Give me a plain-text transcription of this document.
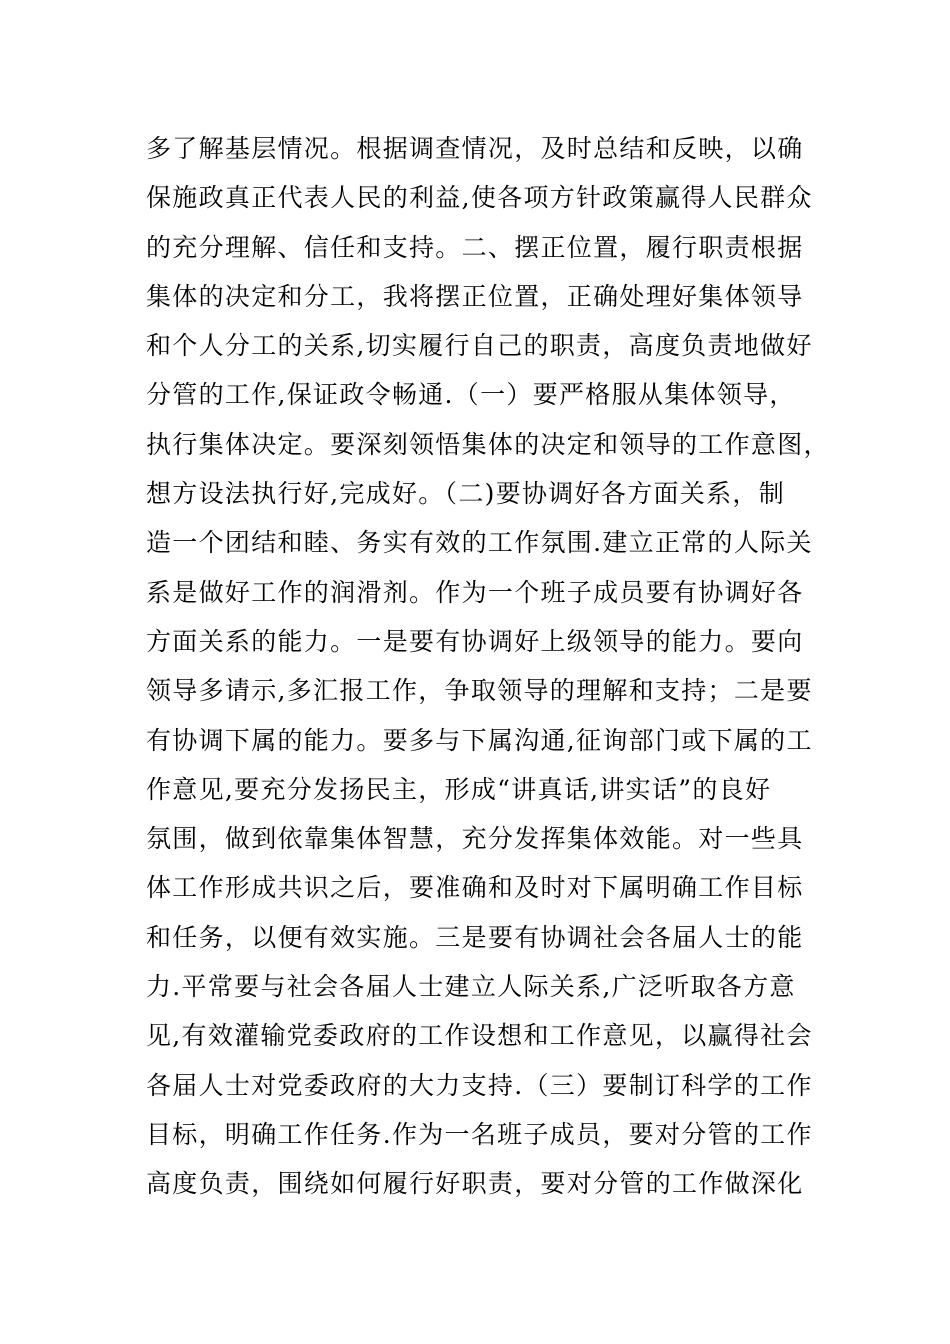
多了解基层情况。根据调查情况，及时总结和反映，以确
保施政真正代表人民的利益,使各项方针政策赢得人民群众
的充分理解、信任和支持。二、摆正位置，履行职责根据
集体的决定和分工，我将摆正位置，正确处理好集体领导
和个人分工的关系,切实履行自己的职责，高度负责地做好
分管的工作,保证政令畅通.（一）要严格服从集体领导，
执行集体决定。要深刻领悟集体的决定和领导的工作意图，
想方设法执行好,完成好。（二)要协调好各方面关系，制
造一个团结和睦、务实有效的工作氛围.建立正常的人际关
系是做好工作的润滑剂。作为一个班子成员要有协调好各
方面关系的能力。一是要有协调好上级领导的能力。要向
领导多请示,多汇报工作，争取领导的理解和支持；二是要
有协调下属的能力。要多与下属沟通,征询部门或下属的工
作意见,要充分发扬民主，形成“讲真话,讲实话”的良好
氛围，做到依靠集体智慧，充分发挥集体效能。对一些具
体工作形成共识之后，要准确和及时对下属明确工作目标
和任务，以便有效实施。三是要有协调社会各届人士的能
力.平常要与社会各届人士建立人际关系,广泛听取各方意
见,有效灌输党委政府的工作设想和工作意见，以赢得社会
各届人士对党委政府的大力支持.（三）要制订科学的工作
目标，明确工作任务.作为一名班子成员，要对分管的工作
高度负责，围绕如何履行好职责，要对分管的工作做深化
